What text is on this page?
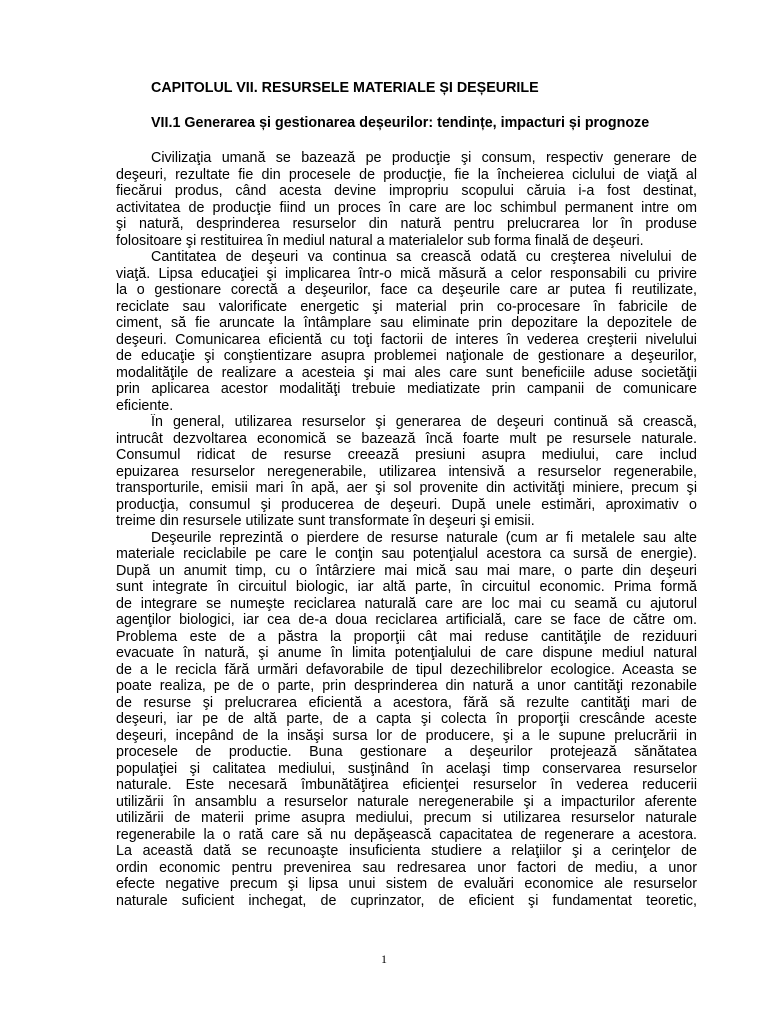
CAPITOLUL VII. RESURSELE MATERIALE ȘI DEȘEURILE
VII.1 Generarea și gestionarea deșeurilor: tendințe, impacturi și prognoze
Civilizaţia umană se bazează pe producţie şi consum, respectiv generare de
deşeuri, rezultate fie din procesele de producţie, fie la încheierea ciclului de viaţă al
fiecărui produs, când acesta devine impropriu scopului căruia i-a fost destinat,
activitatea de producţie fiind un proces în care are loc schimbul permanent intre om
şi natură, desprinderea resurselor din natură pentru prelucrarea lor în produse
folositoare şi restituirea în mediul natural a materialelor sub forma finală de deşeuri.
Cantitatea de deşeuri va continua sa crească odată cu creşterea nivelului de
viaţă. Lipsa educaţiei şi implicarea într-o mică măsură a celor responsabili cu privire
la o gestionare corectă a deşeurilor, face ca deşeurile care ar putea fi reutilizate,
reciclate sau valorificate energetic şi material prin co-procesare în fabricile de
ciment, să fie aruncate la întâmplare sau eliminate prin depozitare la depozitele de
deşeuri. Comunicarea eficientă cu toţi factorii de interes în vederea creşterii nivelului
de educaţie şi conştientizare asupra problemei naţionale de gestionare a deşeurilor,
modalităţile de realizare a acesteia şi mai ales care sunt beneficiile aduse societăţii
prin aplicarea acestor modalităţi trebuie mediatizate prin campanii de comunicare
eficiente.
În general, utilizarea resurselor şi generarea de deşeuri continuă să crească,
intrucât dezvoltarea economică se bazează încă foarte mult pe resursele naturale.
Consumul ridicat de resurse creează presiuni asupra mediului, care includ
epuizarea resurselor neregenerabile, utilizarea intensivă a resurselor regenerabile,
transporturile, emisii mari în apă, aer şi sol provenite din activităţi miniere, precum şi
producţia, consumul şi producerea de deşeuri. După unele estimări, aproximativ o
treime din resursele utilizate sunt transformate în deşeuri şi emisii.
Deşeurile reprezintă o pierdere de resurse naturale (cum ar fi metalele sau alte
materiale reciclabile pe care le conţin sau potenţialul acestora ca sursă de energie).
După un anumit timp, cu o întârziere mai mică sau mai mare, o parte din deşeuri
sunt integrate în circuitul biologic, iar altă parte, în circuitul economic. Prima formă
de integrare se numeşte reciclarea naturală care are loc mai cu seamă cu ajutorul
agenţilor biologici, iar cea de-a doua reciclarea artificială, care se face de către om.
Problema este de a păstra la proporţii cât mai reduse cantităţile de reziduuri
evacuate în natură, şi anume în limita potenţialului de care dispune mediul natural
de a le recicla fără urmări defavorabile de tipul dezechilibrelor ecologice. Aceasta se
poate realiza, pe de o parte, prin desprinderea din natură a unor cantităţi rezonabile
de resurse şi prelucrarea eficientă a acestora, fără să rezulte cantităţi mari de
deşeuri, iar pe de altă parte, de a capta şi colecta în proporţii crescânde aceste
deşeuri, incepând de la insăşi sursa lor de producere, şi a le supune prelucrării in
procesele de productie. Buna gestionare a deşeurilor protejează sănătatea
populaţiei şi calitatea mediului, susţinând în acelaşi timp conservarea resurselor
naturale. Este necesară îmbunătăţirea eficienţei resurselor în vederea reducerii
utilizării în ansamblu a resurselor naturale neregenerabile şi a impacturilor aferente
utilizării de materii prime asupra mediului, precum si utilizarea resurselor naturale
regenerabile la o rată care să nu depăşească capacitatea de regenerare a acestora.
La această dată se recunoaşte insuficienta studiere a relaţiilor şi a cerinţelor de
ordin economic pentru prevenirea sau redresarea unor factori de mediu, a unor
efecte negative precum şi lipsa unui sistem de evaluări economice ale resurselor
naturale suficient inchegat, de cuprinzator, de eficient şi fundamentat teoretic,
1
